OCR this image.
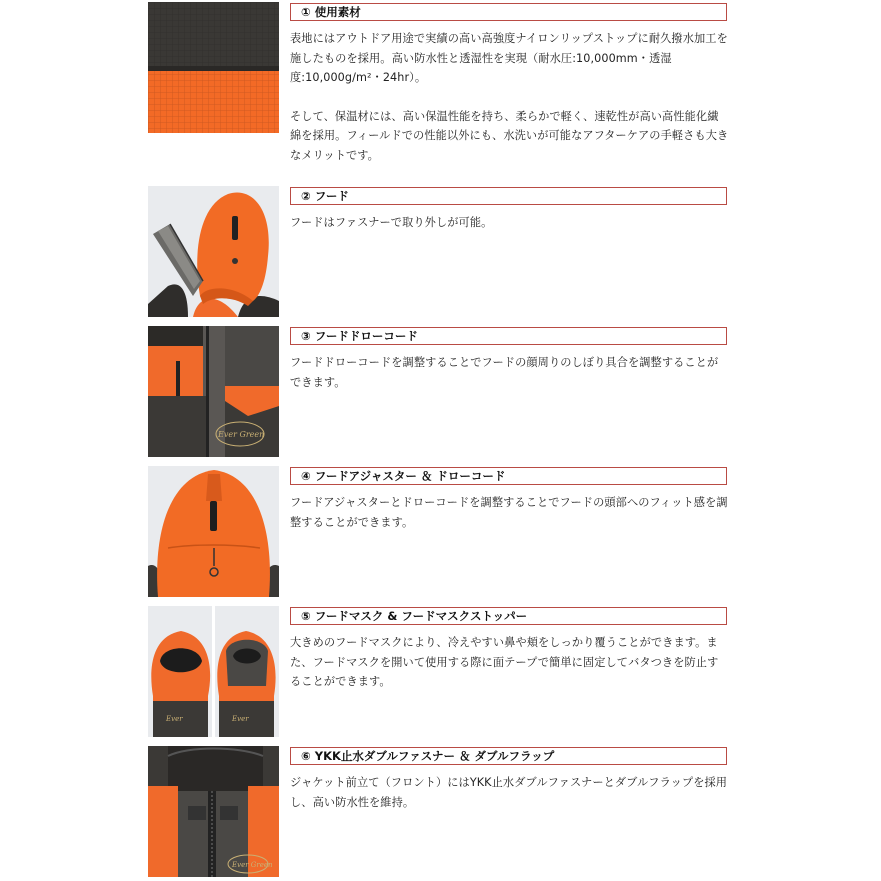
① 使用素材

表地にはアウトドア用途で実績の高い高強度ナイロンリップストップに耐久撥水加工を施したものを採用。高い防水性と透湿性を実現（耐水圧:10,000mm・透湿度:10,000g/m²・24hr）。

そして、保温材には、高い保温性能を持ち、柔らかで軽く、速乾性が高い高性能化繊綿を採用。フィールドでの性能以外にも、水洗いが可能なアフターケアの手軽さも大きなメリットです。

② フード

フードはファスナーで取り外しが可能。

Ever Green
③ フードドローコード

フードドローコードを調整することでフードの顔周りのしぼり具合を調整することができます。

④ フードアジャスター ＆ ドローコード

フードアジャスターとドローコードを調整することでフードの頭部へのフィット感を調整することができます。

Ever	Ever
⑤ フードマスク & フードマスクストッパー

大きめのフードマスクにより、冷えやすい鼻や頬をしっかり覆うことができます。また、フードマスクを開いて使用する際に面テープで簡単に固定してバタつきを防止することができます。

Ever Green
⑥ YKK止水ダブルファスナー ＆ ダブルフラップ

ジャケット前立て（フロント）にはYKK止水ダブルファスナーとダブルフラップを採用し、高い防水性を維持。
